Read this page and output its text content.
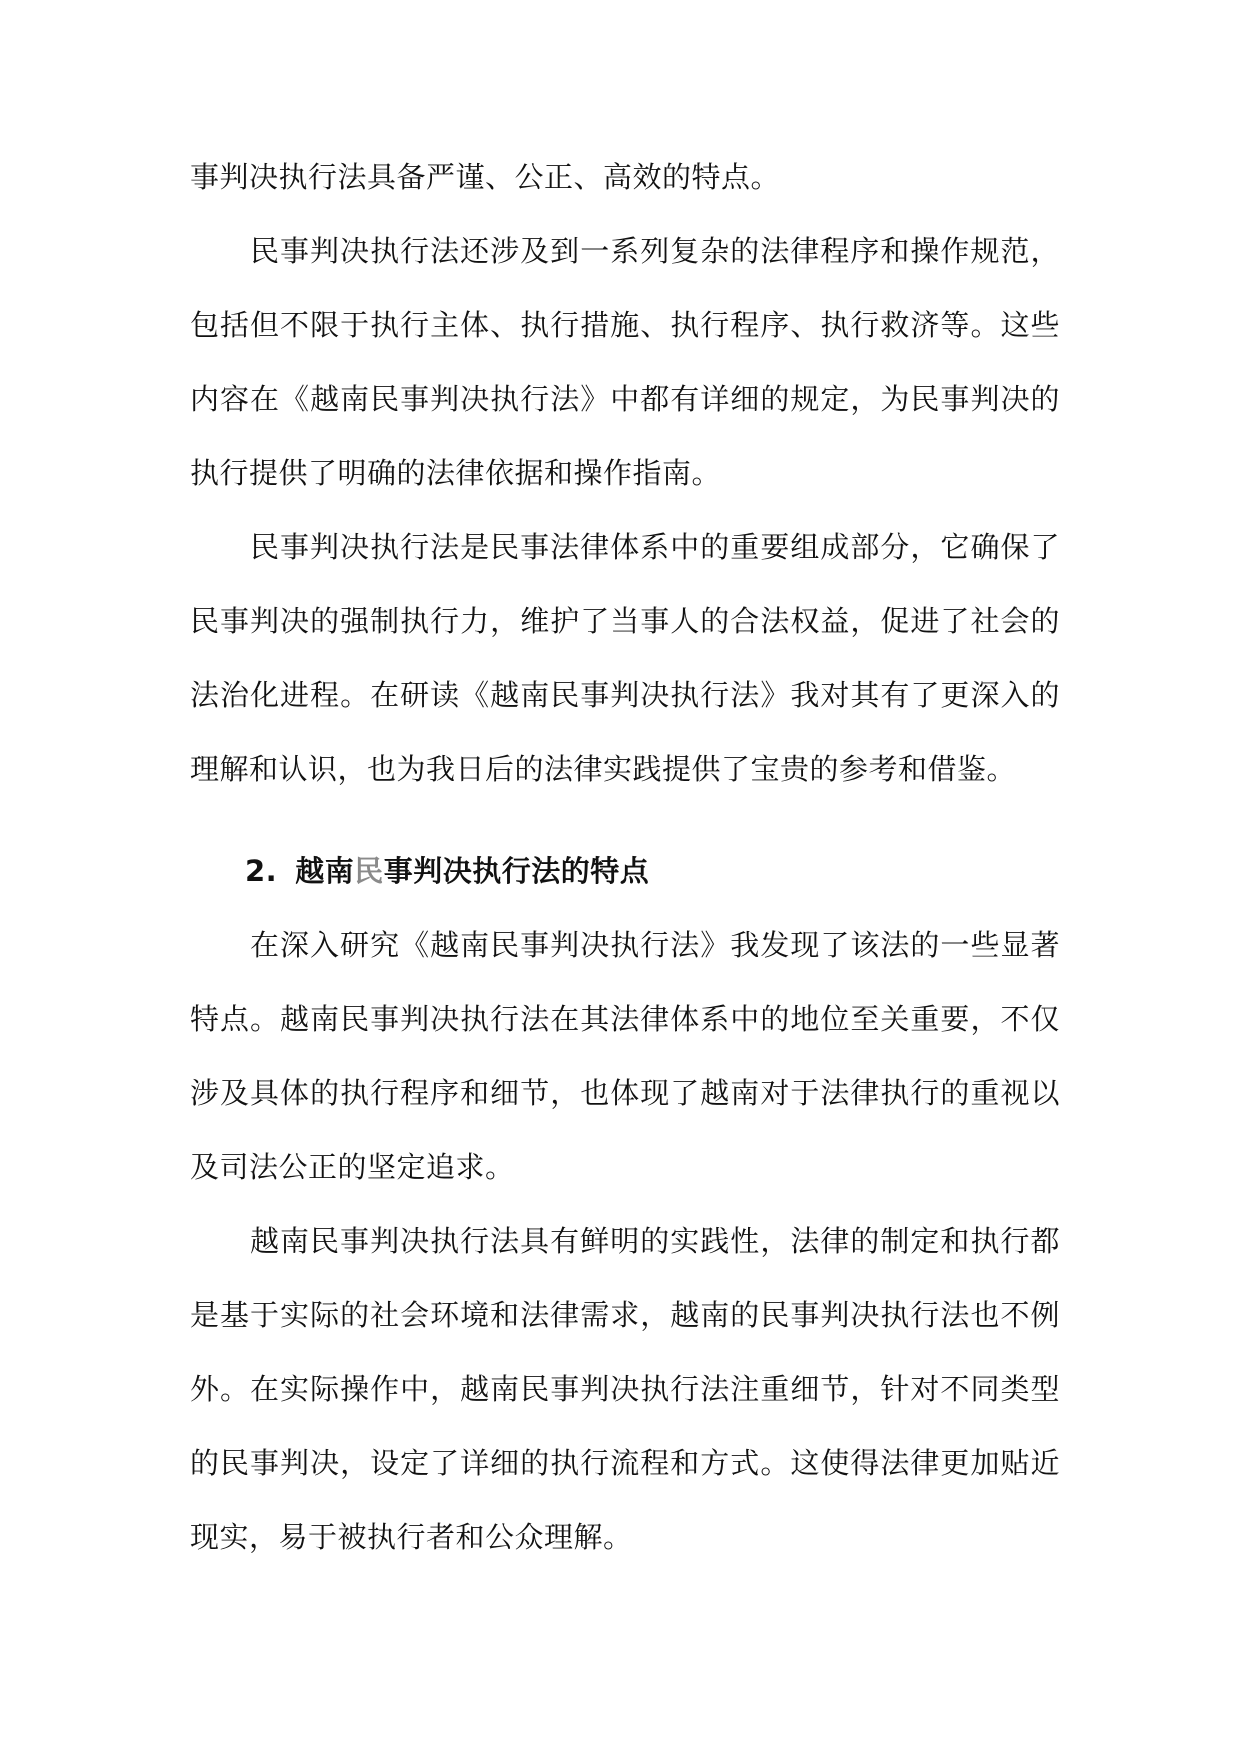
事判决执行法具备严谨、公正、高效的特点。

民事判决执行法还涉及到一系列复杂的法律程序和操作规范，包括但不限于执行主体、执行措施、执行程序、执行救济等。这些内容在《越南民事判决执行法》中都有详细的规定，为民事判决的执行提供了明确的法律依据和操作指南。

民事判决执行法是民事法律体系中的重要组成部分，它确保了民事判决的强制执行力，维护了当事人的合法权益，促进了社会的法治化进程。在研读《越南民事判决执行法》我对其有了更深入的理解和认识，也为我日后的法律实践提供了宝贵的参考和借鉴。

2. 越南民事判决执行法的特点

在深入研究《越南民事判决执行法》我发现了该法的一些显著特点。越南民事判决执行法在其法律体系中的地位至关重要，不仅涉及具体的执行程序和细节，也体现了越南对于法律执行的重视以及司法公正的坚定追求。

越南民事判决执行法具有鲜明的实践性，法律的制定和执行都是基于实际的社会环境和法律需求，越南的民事判决执行法也不例外。在实际操作中，越南民事判决执行法注重细节，针对不同类型的民事判决，设定了详细的执行流程和方式。这使得法律更加贴近现实，易于被执行者和公众理解。
